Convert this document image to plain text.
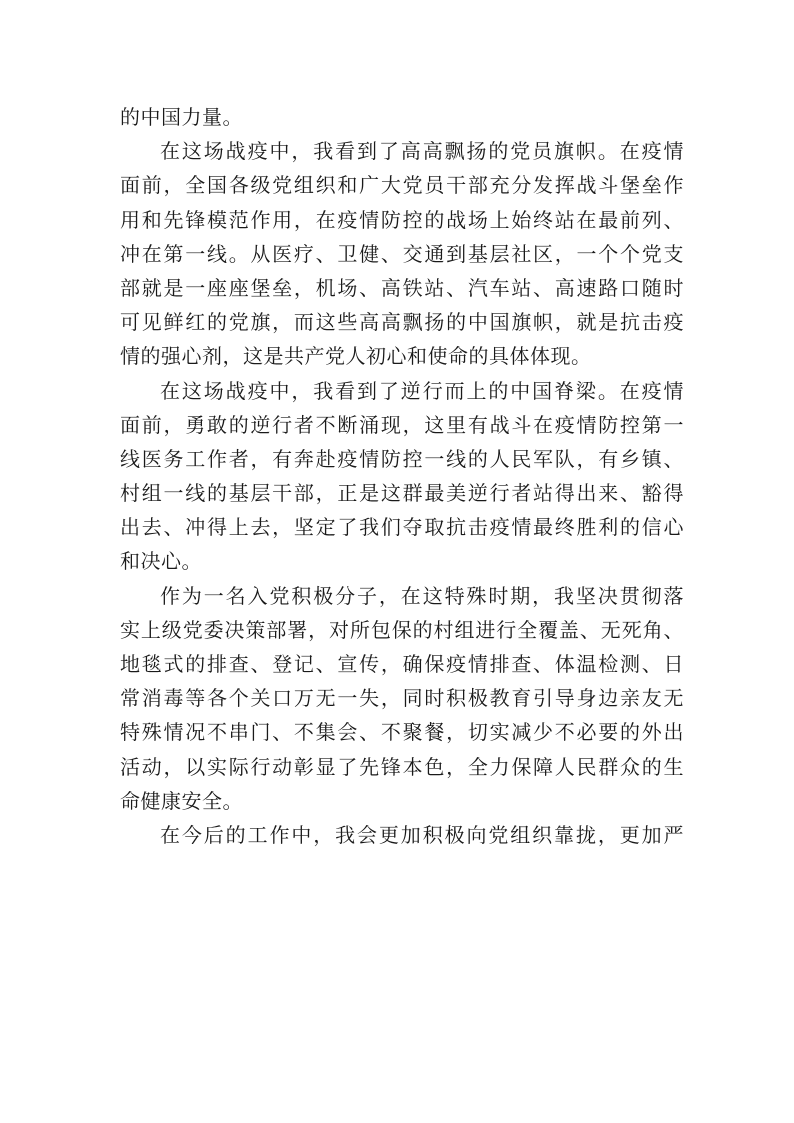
的中国力量。
在这场战疫中，我看到了高高飘扬的党员旗帜。在疫情
面前，全国各级党组织和广大党员干部充分发挥战斗堡垒作
用和先锋模范作用，在疫情防控的战场上始终站在最前列、
冲在第一线。从医疗、卫健、交通到基层社区，一个个党支
部就是一座座堡垒，机场、高铁站、汽车站、高速路口随时
可见鲜红的党旗，而这些高高飘扬的中国旗帜，就是抗击疫
情的强心剂，这是共产党人初心和使命的具体体现。
在这场战疫中，我看到了逆行而上的中国脊梁。在疫情
面前，勇敢的逆行者不断涌现，这里有战斗在疫情防控第一
线医务工作者，有奔赴疫情防控一线的人民军队，有乡镇、
村组一线的基层干部，正是这群最美逆行者站得出来、豁得
出去、冲得上去，坚定了我们夺取抗击疫情最终胜利的信心
和决心。
作为一名入党积极分子，在这特殊时期，我坚决贯彻落
实上级党委决策部署，对所包保的村组进行全覆盖、无死角、
地毯式的排查、登记、宣传，确保疫情排查、体温检测、日
常消毒等各个关口万无一失，同时积极教育引导身边亲友无
特殊情况不串门、不集会、不聚餐，切实减少不必要的外出
活动，以实际行动彰显了先锋本色，全力保障人民群众的生
命健康安全。
在今后的工作中，我会更加积极向党组织靠拢，更加严
